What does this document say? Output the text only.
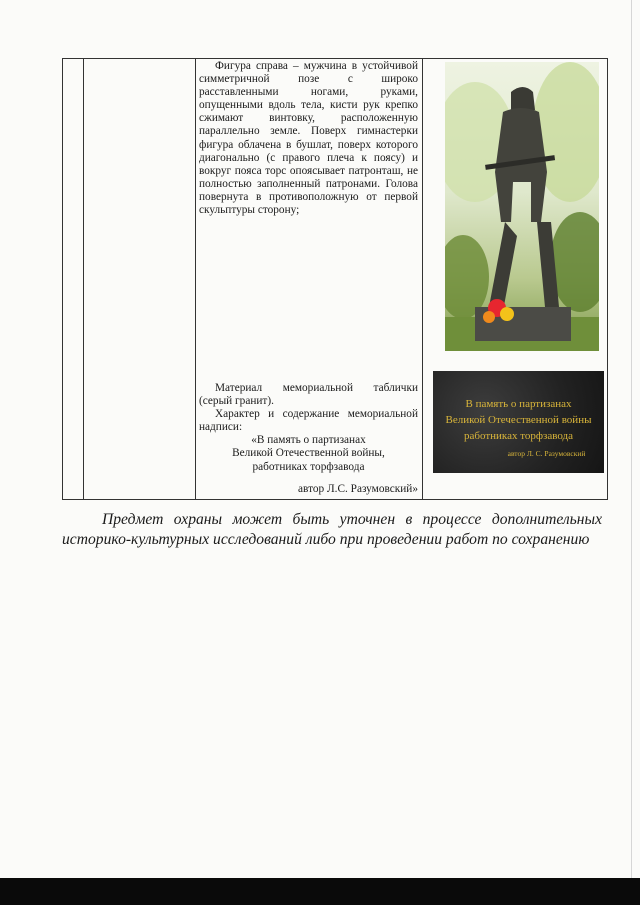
Фигура справа – мужчина в устойчивой симметричной позе с широко расставленными ногами, руками, опущенными вдоль тела, кисти рук крепко сжимают винтовку, расположенную параллельно земле. Поверх гимнастерки фигура облачена в бушлат, поверх которого диагонально (с правого плеча к поясу) и вокруг пояса торс опоясывает патронташ, не полностью заполненный патронами. Голова повернута в противоположную от первой скульптуры сторону;

Материал мемориальной таблички (серый гранит).

Характер и содержание мемориальной надписи:

«В память о партизанах

Великой Отечественной войны,

работниках торфзавода

автор Л.С. Разумовский»

В память о партизанах
Великой Отечественной войны
работниках торфзавода
автор Л. С. Разумовский

Предмет охраны может быть уточнен в процессе дополнительных историко-культурных исследований либо при проведении работ по сохранению
